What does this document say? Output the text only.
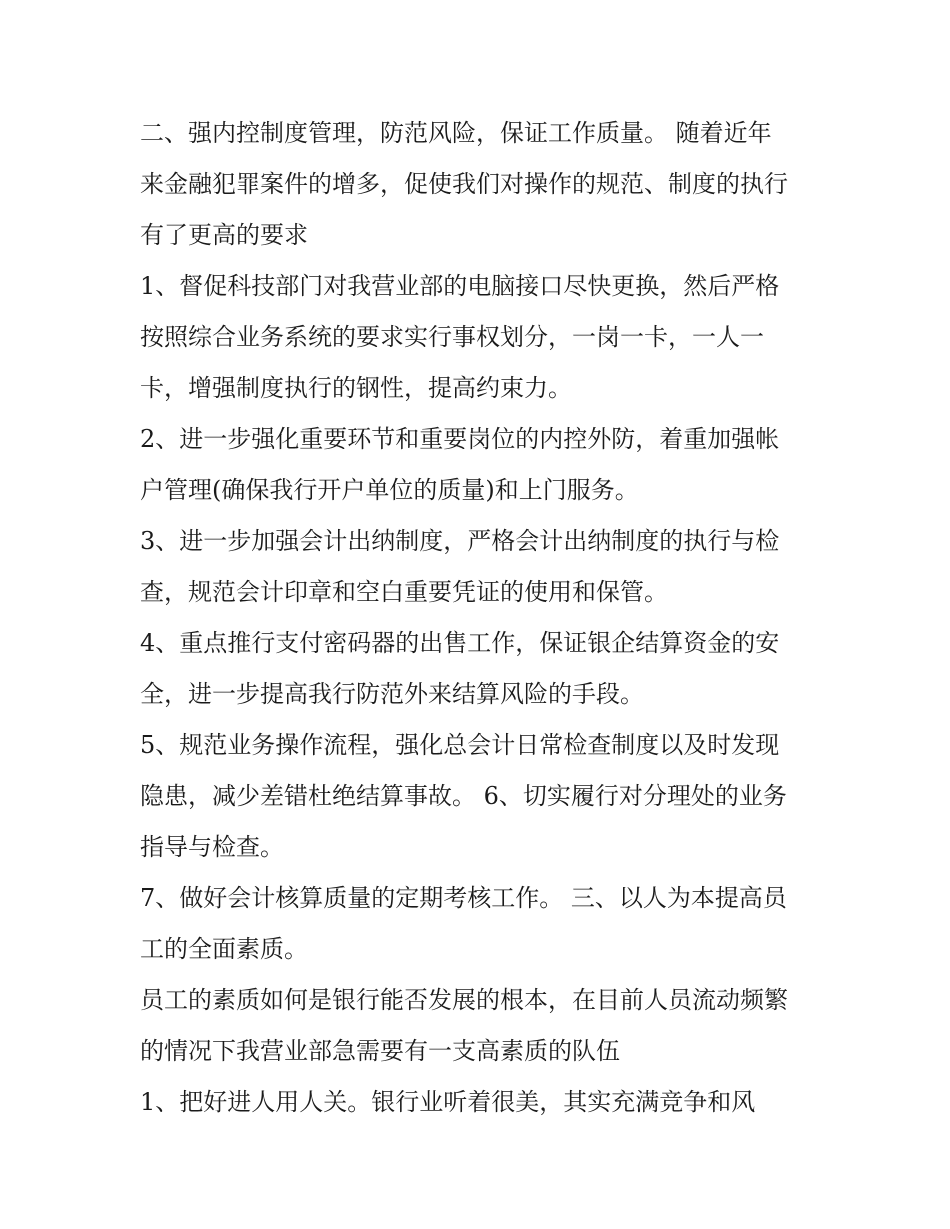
二、强内控制度管理，防范风险，保证工作质量。 随着近年
来金融犯罪案件的增多，促使我们对操作的规范、制度的执行
有了更高的要求
1、督促科技部门对我营业部的电脑接口尽快更换，然后严格
按照综合业务系统的要求实行事权划分，一岗一卡，一人一
卡，增强制度执行的钢性，提高约束力。
2、进一步强化重要环节和重要岗位的内控外防，着重加强帐
户管理(确保我行开户单位的质量)和上门服务。
3、进一步加强会计出纳制度，严格会计出纳制度的执行与检
查，规范会计印章和空白重要凭证的使用和保管。
4、重点推行支付密码器的出售工作，保证银企结算资金的安
全，进一步提高我行防范外来结算风险的手段。
5、规范业务操作流程，强化总会计日常检查制度以及时发现
隐患，减少差错杜绝结算事故。 6、切实履行对分理处的业务
指导与检查。
7、做好会计核算质量的定期考核工作。 三、以人为本提高员
工的全面素质。
员工的素质如何是银行能否发展的根本，在目前人员流动频繁
的情况下我营业部急需要有一支高素质的队伍
1、把好进人用人关。银行业听着很美，其实充满竞争和风
